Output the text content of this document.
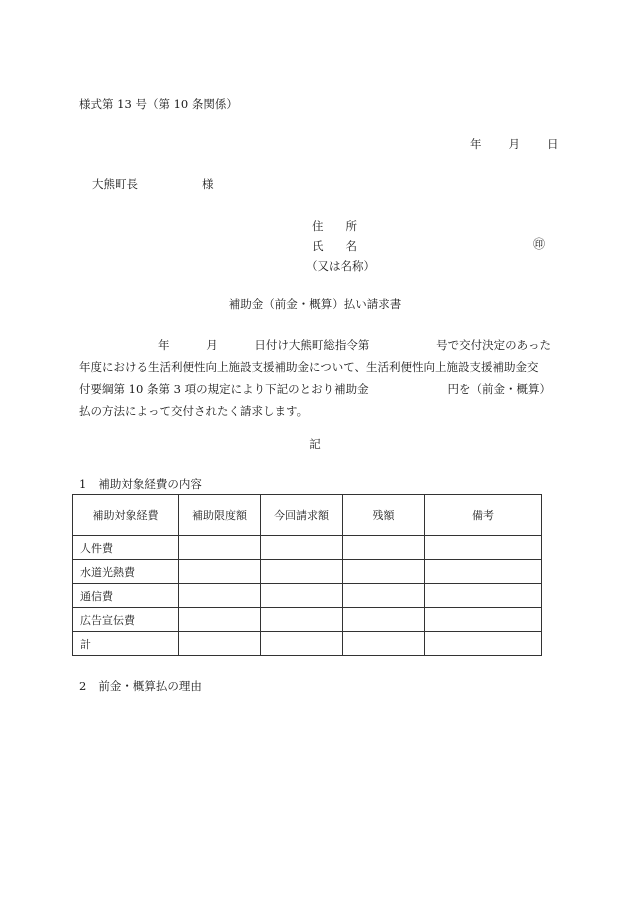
様式第 13 号（第 10 条関係）
年 月 日
大熊町長	様
住 所
氏 名	㊞
（又は名称）
補助金（前金・概算）払い請求書
年	月	日付け大熊町総指令第	号で交付決定のあった
年度における生活利便性向上施設支援補助金について、生活利便性向上施設支援補助金交
付要綱第 10 条第 3 項の規定により下記のとおり補助金	円を（前金・概算）
払の方法によって交付されたく請求します。
記
1 補助対象経費の内容
補助対象経費	補助限度額	今回請求額	残額	備考
人件費				
水道光熱費				
通信費				
広告宣伝費				
計				
2 前金・概算払の理由
